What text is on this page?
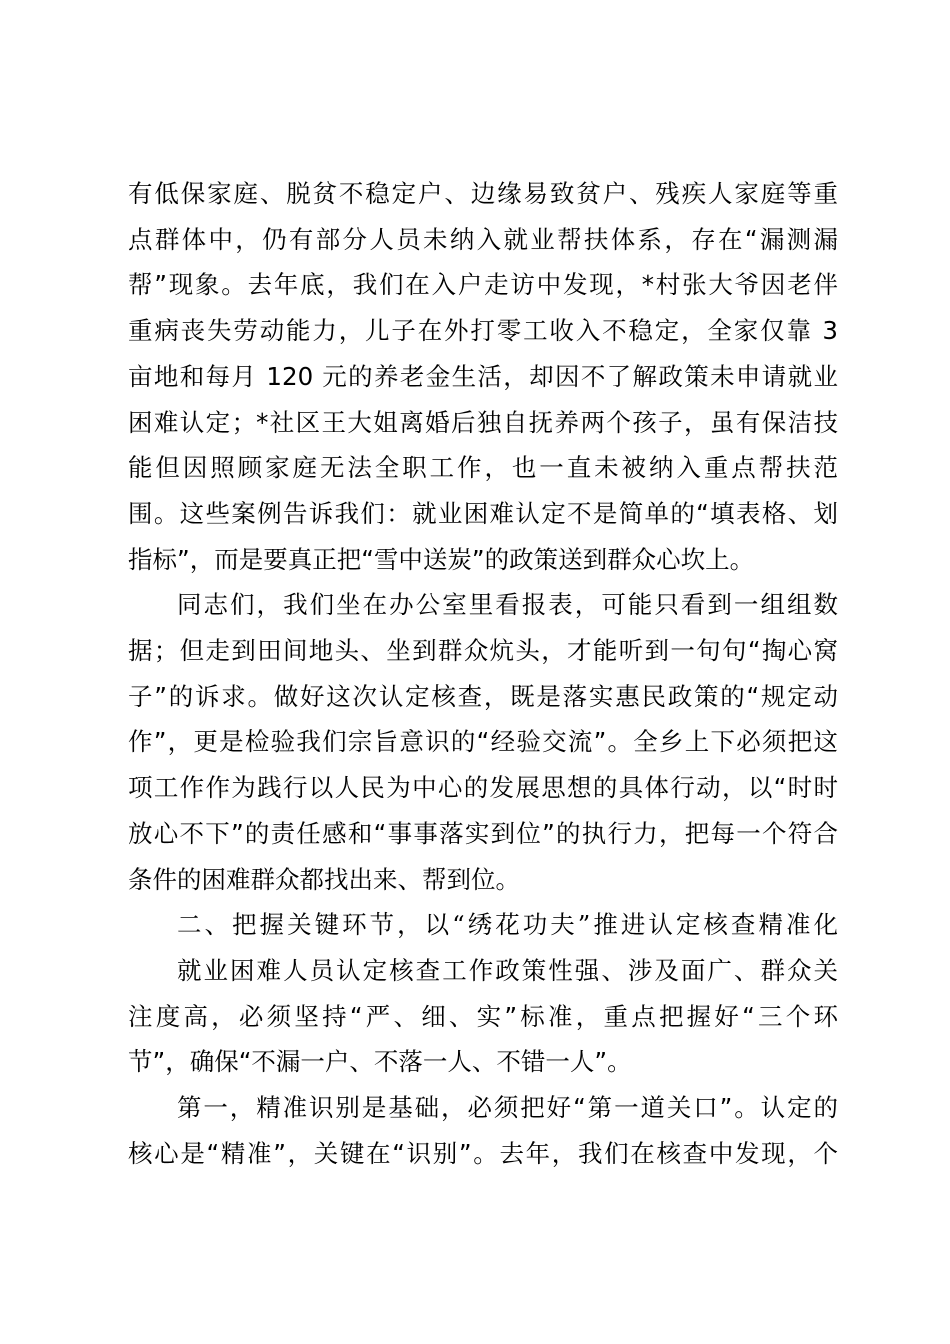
有低保家庭、脱贫不稳定户、边缘易致贫户、残疾人家庭等重
点群体中，仍有部分人员未纳入就业帮扶体系，存在“漏测漏
帮”现象。去年底，我们在入户走访中发现，*村张大爷因老伴
重病丧失劳动能力，儿子在外打零工收入不稳定，全家仅靠 3
亩地和每月 120 元的养老金生活，却因不了解政策未申请就业
困难认定；*社区王大姐离婚后独自抚养两个孩子，虽有保洁技
能但因照顾家庭无法全职工作，也一直未被纳入重点帮扶范
围。这些案例告诉我们：就业困难认定不是简单的“填表格、划
指标”，而是要真正把“雪中送炭”的政策送到群众心坎上。
同志们，我们坐在办公室里看报表，可能只看到一组组数
据；但走到田间地头、坐到群众炕头，才能听到一句句“掏心窝
子”的诉求。做好这次认定核查，既是落实惠民政策的“规定动
作”，更是检验我们宗旨意识的“经验交流”。全乡上下必须把这
项工作作为践行以人民为中心的发展思想的具体行动，以“时时
放心不下”的责任感和“事事落实到位”的执行力，把每一个符合
条件的困难群众都找出来、帮到位。
二、把握关键环节，以“绣花功夫”推进认定核查精准化
就业困难人员认定核查工作政策性强、涉及面广、群众关
注度高，必须坚持“严、细、实”标准，重点把握好“三个环
节”，确保“不漏一户、不落一人、不错一人”。
第一，精准识别是基础，必须把好“第一道关口”。认定的
核心是“精准”，关键在“识别”。去年，我们在核查中发现，个
